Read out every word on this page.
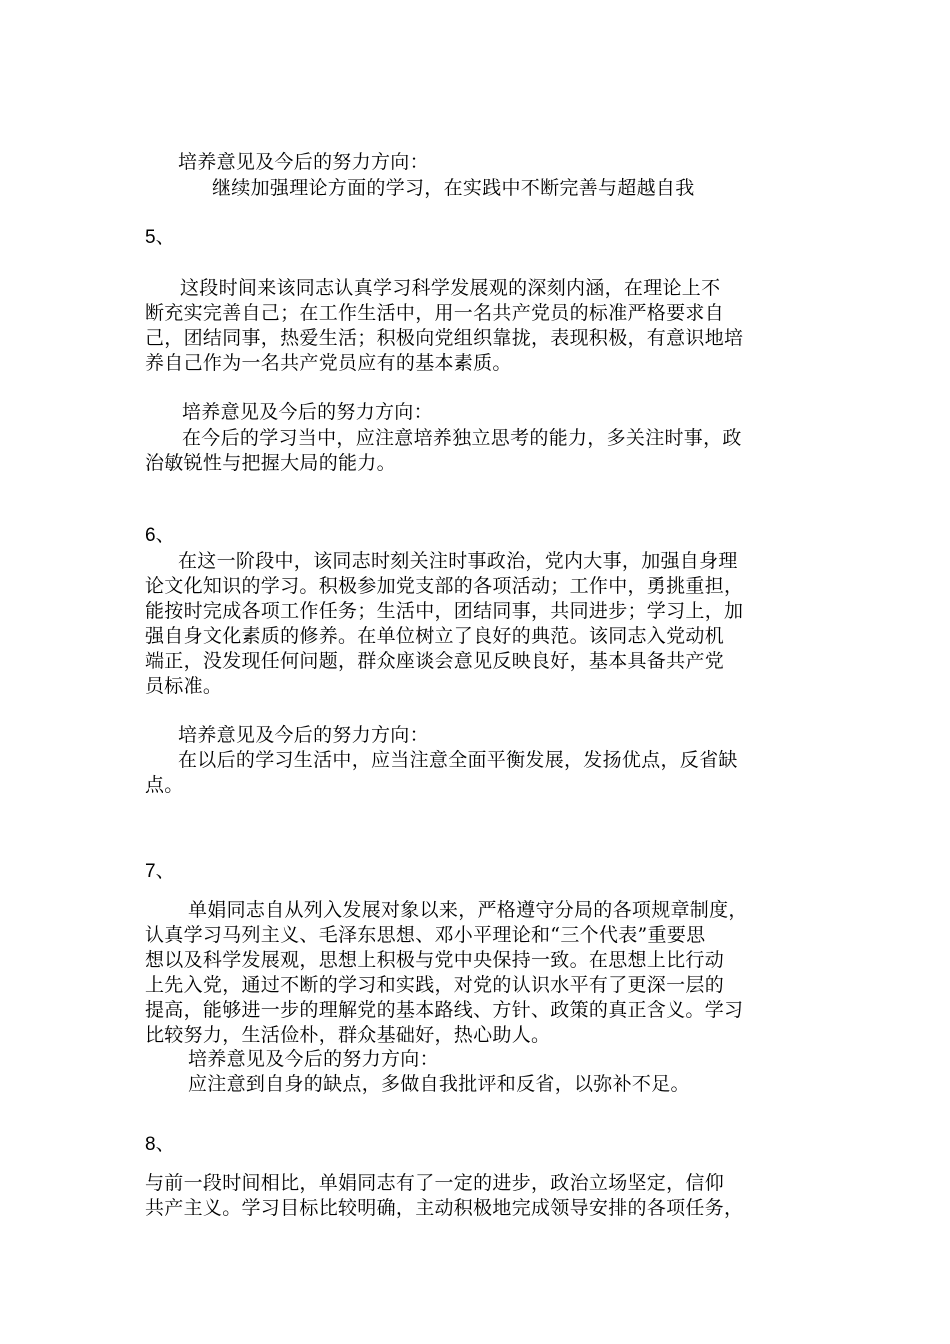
培养意见及今后的努力方向：
继续加强理论方面的学习，在实践中不断完善与超越自我
5、
这段时间来该同志认真学习科学发展观的深刻内涵，在理论上不
断充实完善自己；在工作生活中，用一名共产党员的标准严格要求自
己，团结同事，热爱生活；积极向党组织靠拢，表现积极，有意识地培
养自己作为一名共产党员应有的基本素质。
培养意见及今后的努力方向：
在今后的学习当中，应注意培养独立思考的能力，多关注时事，政
治敏锐性与把握大局的能力。
6、
在这一阶段中，该同志时刻关注时事政治，党内大事，加强自身理
论文化知识的学习。积极参加党支部的各项活动；工作中，勇挑重担，
能按时完成各项工作任务；生活中，团结同事，共同进步；学习上，加
强自身文化素质的修养。在单位树立了良好的典范。该同志入党动机
端正，没发现任何问题，群众座谈会意见反映良好，基本具备共产党
员标准。
培养意见及今后的努力方向：
在以后的学习生活中，应当注意全面平衡发展，发扬优点，反省缺
点。
7、
单娟同志自从列入发展对象以来，严格遵守分局的各项规章制度，
认真学习马列主义、毛泽东思想、邓小平理论和“三个代表”重要思
想以及科学发展观，思想上积极与党中央保持一致。在思想上比行动
上先入党，通过不断的学习和实践，对党的认识水平有了更深一层的
提高，能够进一步的理解党的基本路线、方针、政策的真正含义。学习
比较努力，生活俭朴，群众基础好，热心助人。
培养意见及今后的努力方向：
应注意到自身的缺点，多做自我批评和反省，以弥补不足。
8、
与前一段时间相比，单娟同志有了一定的进步，政治立场坚定，信仰
共产主义。学习目标比较明确，主动积极地完成领导安排的各项任务，
